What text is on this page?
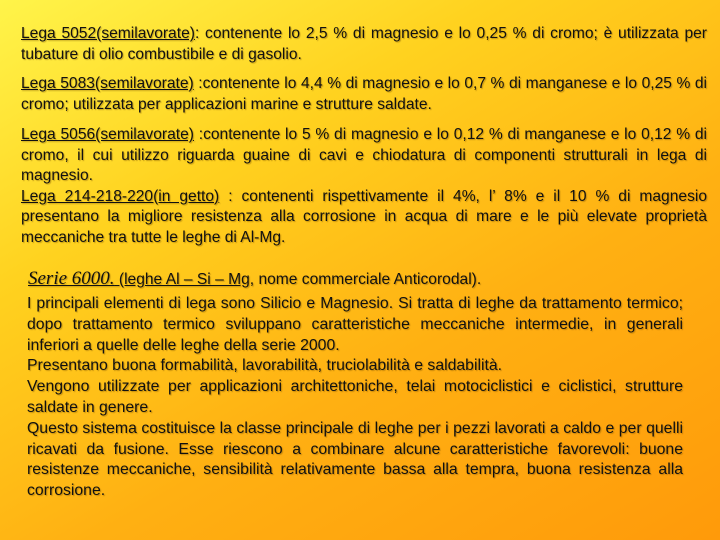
Lega 5052(semilavorate): contenente lo 2,5 % di magnesio e lo 0,25 % di cromo; è utilizzata per tubature di olio combustibile e di gasolio.

Lega 5083(semilavorate) :contenente lo 4,4 % di magnesio e lo 0,7 % di manganese e lo 0,25 % di cromo; utilizzata per applicazioni marine e strutture saldate.

Lega 5056(semilavorate) :contenente lo 5 % di magnesio e lo 0,12 % di manganese e lo 0,12 % di cromo, il cui utilizzo riguarda guaine di cavi e chiodatura di componenti strutturali in lega di magnesio.

Lega 214-218-220(in getto) : contenenti rispettivamente il 4%, l’ 8% e il 10 % di magnesio presentano la migliore resistenza alla corrosione in acqua di mare e le più elevate proprietà meccaniche tra tutte le leghe di Al-Mg.

Serie 6000. (leghe Al – Si – Mg, nome commerciale Anticorodal).

I principali elementi di lega sono Silicio e Magnesio. Si tratta di leghe da trattamento termico; dopo trattamento termico sviluppano caratteristiche meccaniche intermedie, in generali inferiori a quelle delle leghe della serie 2000.

Presentano buona formabilità, lavorabilità, truciolabilità e saldabilità.

Vengono utilizzate per applicazioni architettoniche, telai motociclistici e ciclistici, strutture saldate in genere.

Questo sistema costituisce la classe principale di leghe per i pezzi lavorati a caldo e per quelli ricavati da fusione. Esse riescono a combinare alcune caratteristiche favorevoli: buone resistenze meccaniche, sensibilità relativamente bassa alla tempra, buona resistenza alla corrosione.
